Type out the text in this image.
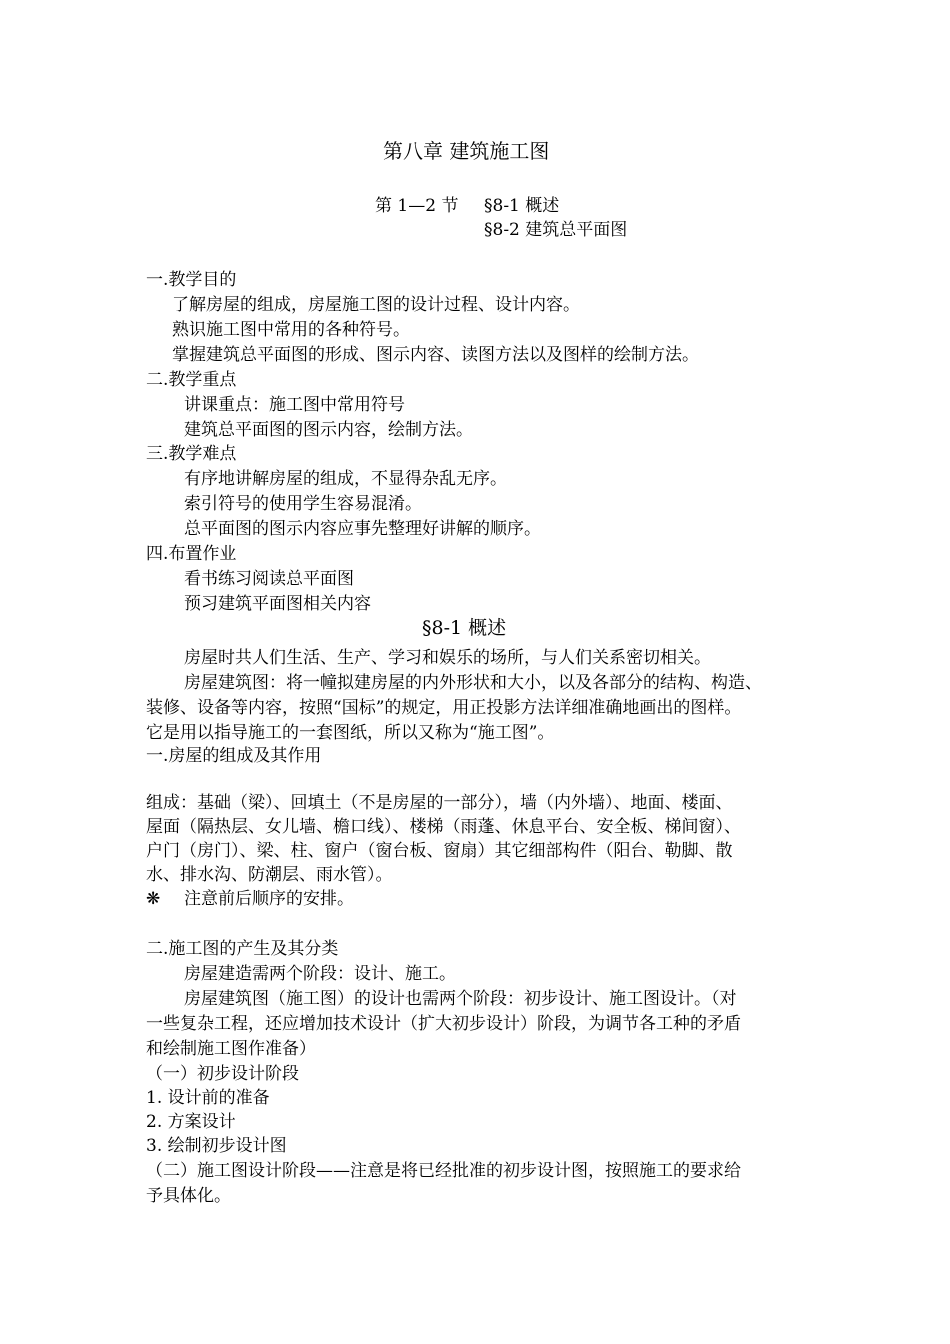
第八章 建筑施工图
第 1—2 节 §8-1 概述
§8-2 建筑总平面图
一.教学目的
了解房屋的组成，房屋施工图的设计过程、设计内容。
熟识施工图中常用的各种符号。
掌握建筑总平面图的形成、图示内容、读图方法以及图样的绘制方法。
二.教学重点
讲课重点：施工图中常用符号
建筑总平面图的图示内容，绘制方法。
三.教学难点
有序地讲解房屋的组成，不显得杂乱无序。
索引符号的使用学生容易混淆。
总平面图的图示内容应事先整理好讲解的顺序。
四.布置作业
看书练习阅读总平面图
预习建筑平面图相关内容
§8-1 概述
房屋时共人们生活、生产、学习和娱乐的场所，与人们关系密切相关。
房屋建筑图：将一幢拟建房屋的内外形状和大小，以及各部分的结构、构造、
装修、设备等内容，按照“国标”的规定，用正投影方法详细准确地画出的图样。
它是用以指导施工的一套图纸，所以又称为“施工图”。
一.房屋的组成及其作用
组成：基础（梁）、回填土（不是房屋的一部分），墙（内外墙）、地面、楼面、
屋面（隔热层、女儿墙、檐口线）、楼梯（雨蓬、休息平台、安全板、梯间窗）、
户门（房门）、梁、柱、窗户（窗台板、窗扇）其它细部构件（阳台、勒脚、散
水、排水沟、防潮层、雨水管）。
❋ 注意前后顺序的安排。
二.施工图的产生及其分类
房屋建造需两个阶段：设计、施工。
房屋建筑图（施工图）的设计也需两个阶段：初步设计、施工图设计。（对
一些复杂工程，还应增加技术设计（扩大初步设计）阶段，为调节各工种的矛盾
和绘制施工图作准备）
（一）初步设计阶段
1. 设计前的准备
2. 方案设计
3. 绘制初步设计图
（二）施工图设计阶段——注意是将已经批准的初步设计图，按照施工的要求给
予具体化。
